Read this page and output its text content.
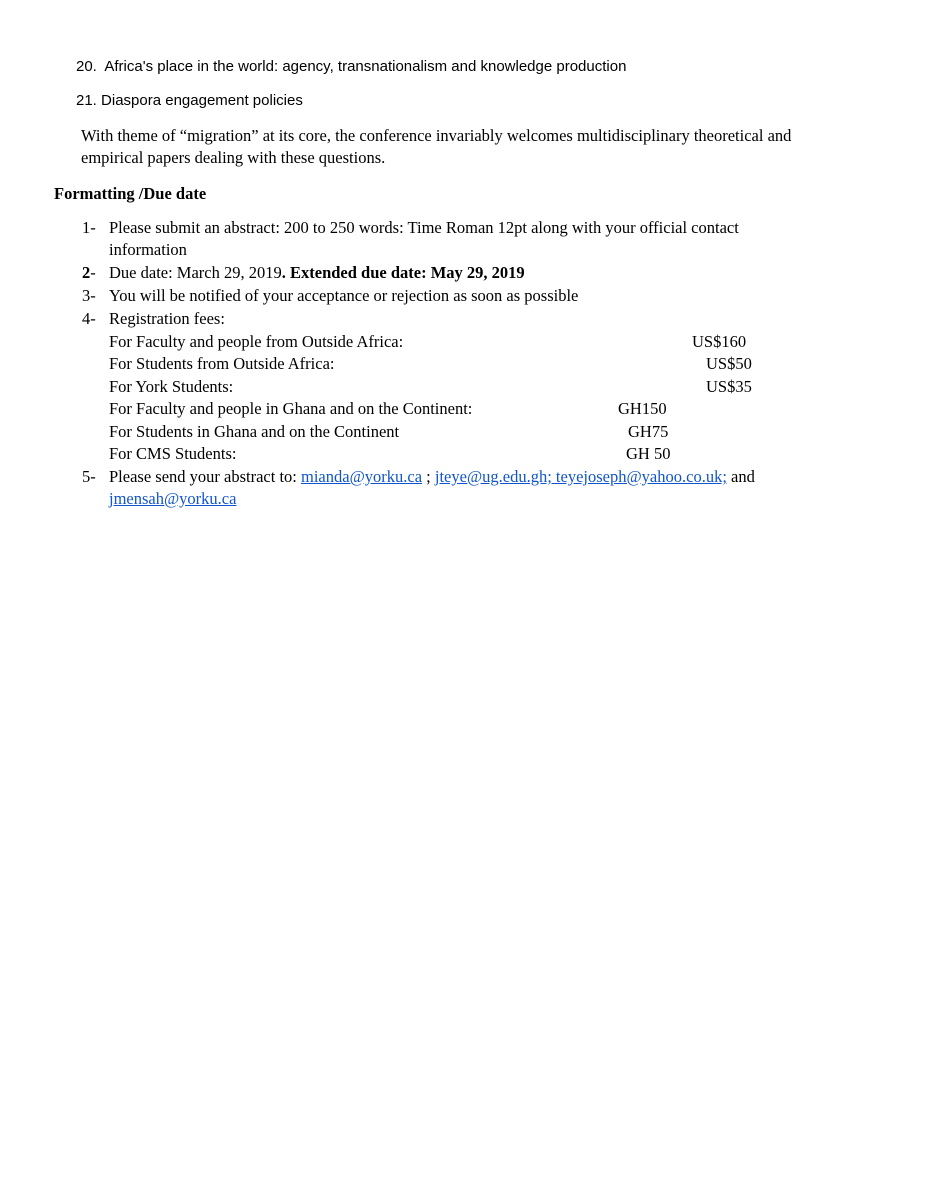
20. Africa's place in the world: agency, transnationalism and knowledge production
21. Diaspora engagement policies
With theme of “migration” at its core, the conference invariably welcomes multidisciplinary theoretical and
empirical papers dealing with these questions.
Formatting /Due date
1- Please submit an abstract: 200 to 250 words: Time Roman 12pt along with your official contact
information
2- Due date: March 29, 2019. Extended due date: May 29, 2019
3- You will be notified of your acceptance or rejection as soon as possible
4- Registration fees:
For Faculty and people from Outside Africa:	US$160
For Students from Outside Africa:	US$50
For York Students:	US$35
For Faculty and people in Ghana and on the Continent:	GH150
For Students in Ghana and on the Continent	GH75
For CMS Students:	GH 50
5- Please send your abstract to: mianda@yorku.ca ; jteye@ug.edu.gh; teyejoseph@yahoo.co.uk; and
jmensah@yorku.ca
